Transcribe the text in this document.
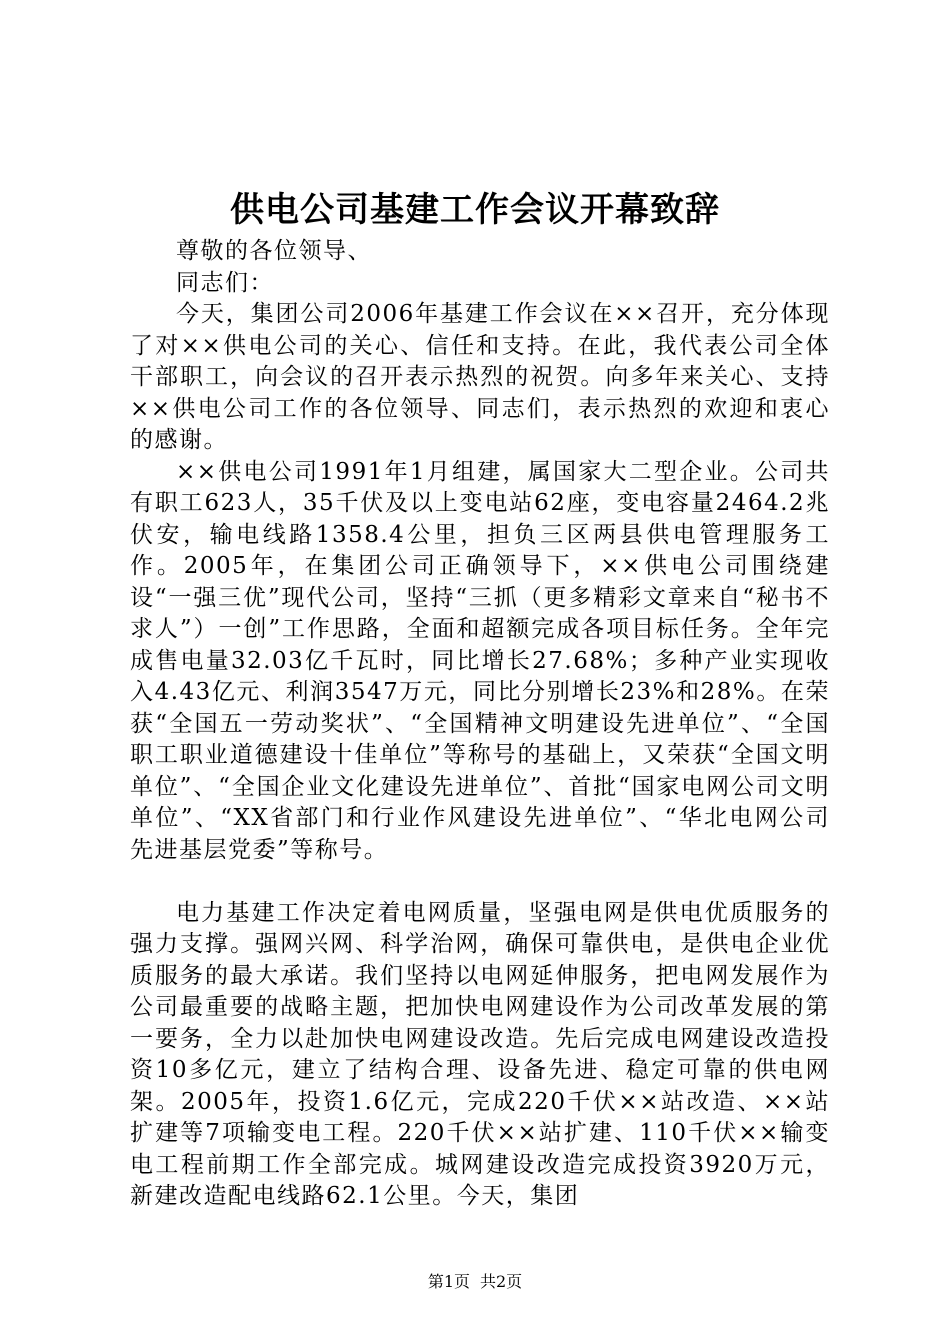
供电公司基建工作会议开幕致辞

尊敬的各位领导、

同志们：

今天，集团公司2006年基建工作会议在××召开，充分体现了对××供电公司的关心、信任和支持。在此，我代表公司全体干部职工，向会议的召开表示热烈的祝贺。向多年来关心、支持××供电公司工作的各位领导、同志们，表示热烈的欢迎和衷心的感谢。

××供电公司1991年1月组建，属国家大二型企业。公司共有职工623人，35千伏及以上变电站62座，变电容量2464.2兆伏安，输电线路1358.4公里，担负三区两县供电管理服务工作。2005年，在集团公司正确领导下，××供电公司围绕建设“一强三优”现代公司，坚持“三抓（更多精彩文章来自“秘书不求人”）一创”工作思路，全面和超额完成各项目标任务。全年完成售电量32.03亿千瓦时，同比增长27.68%；多种产业实现收入4.43亿元、利润3547万元，同比分别增长23%和28%。在荣获“全国五一劳动奖状”、“全国精神文明建设先进单位”、“全国职工职业道德建设十佳单位”等称号的基础上，又荣获“全国文明单位”、“全国企业文化建设先进单位”、首批“国家电网公司文明单位”、“XX省部门和行业作风建设先进单位”、“华北电网公司先进基层党委”等称号。

电力基建工作决定着电网质量，坚强电网是供电优质服务的强力支撑。强网兴网、科学治网，确保可靠供电，是供电企业优质服务的最大承诺。我们坚持以电网延伸服务，把电网发展作为公司最重要的战略主题，把加快电网建设作为公司改革发展的第一要务，全力以赴加快电网建设改造。先后完成电网建设改造投资10多亿元，建立了结构合理、设备先进、稳定可靠的供电网架。2005年，投资1.6亿元，完成220千伏××站改造、××站扩建等7项输变电工程。220千伏××站扩建、110千伏××输变电工程前期工作全部完成。城网建设改造完成投资3920万元，新建改造配电线路62.1公里。今天，集团

第1页 共2页
